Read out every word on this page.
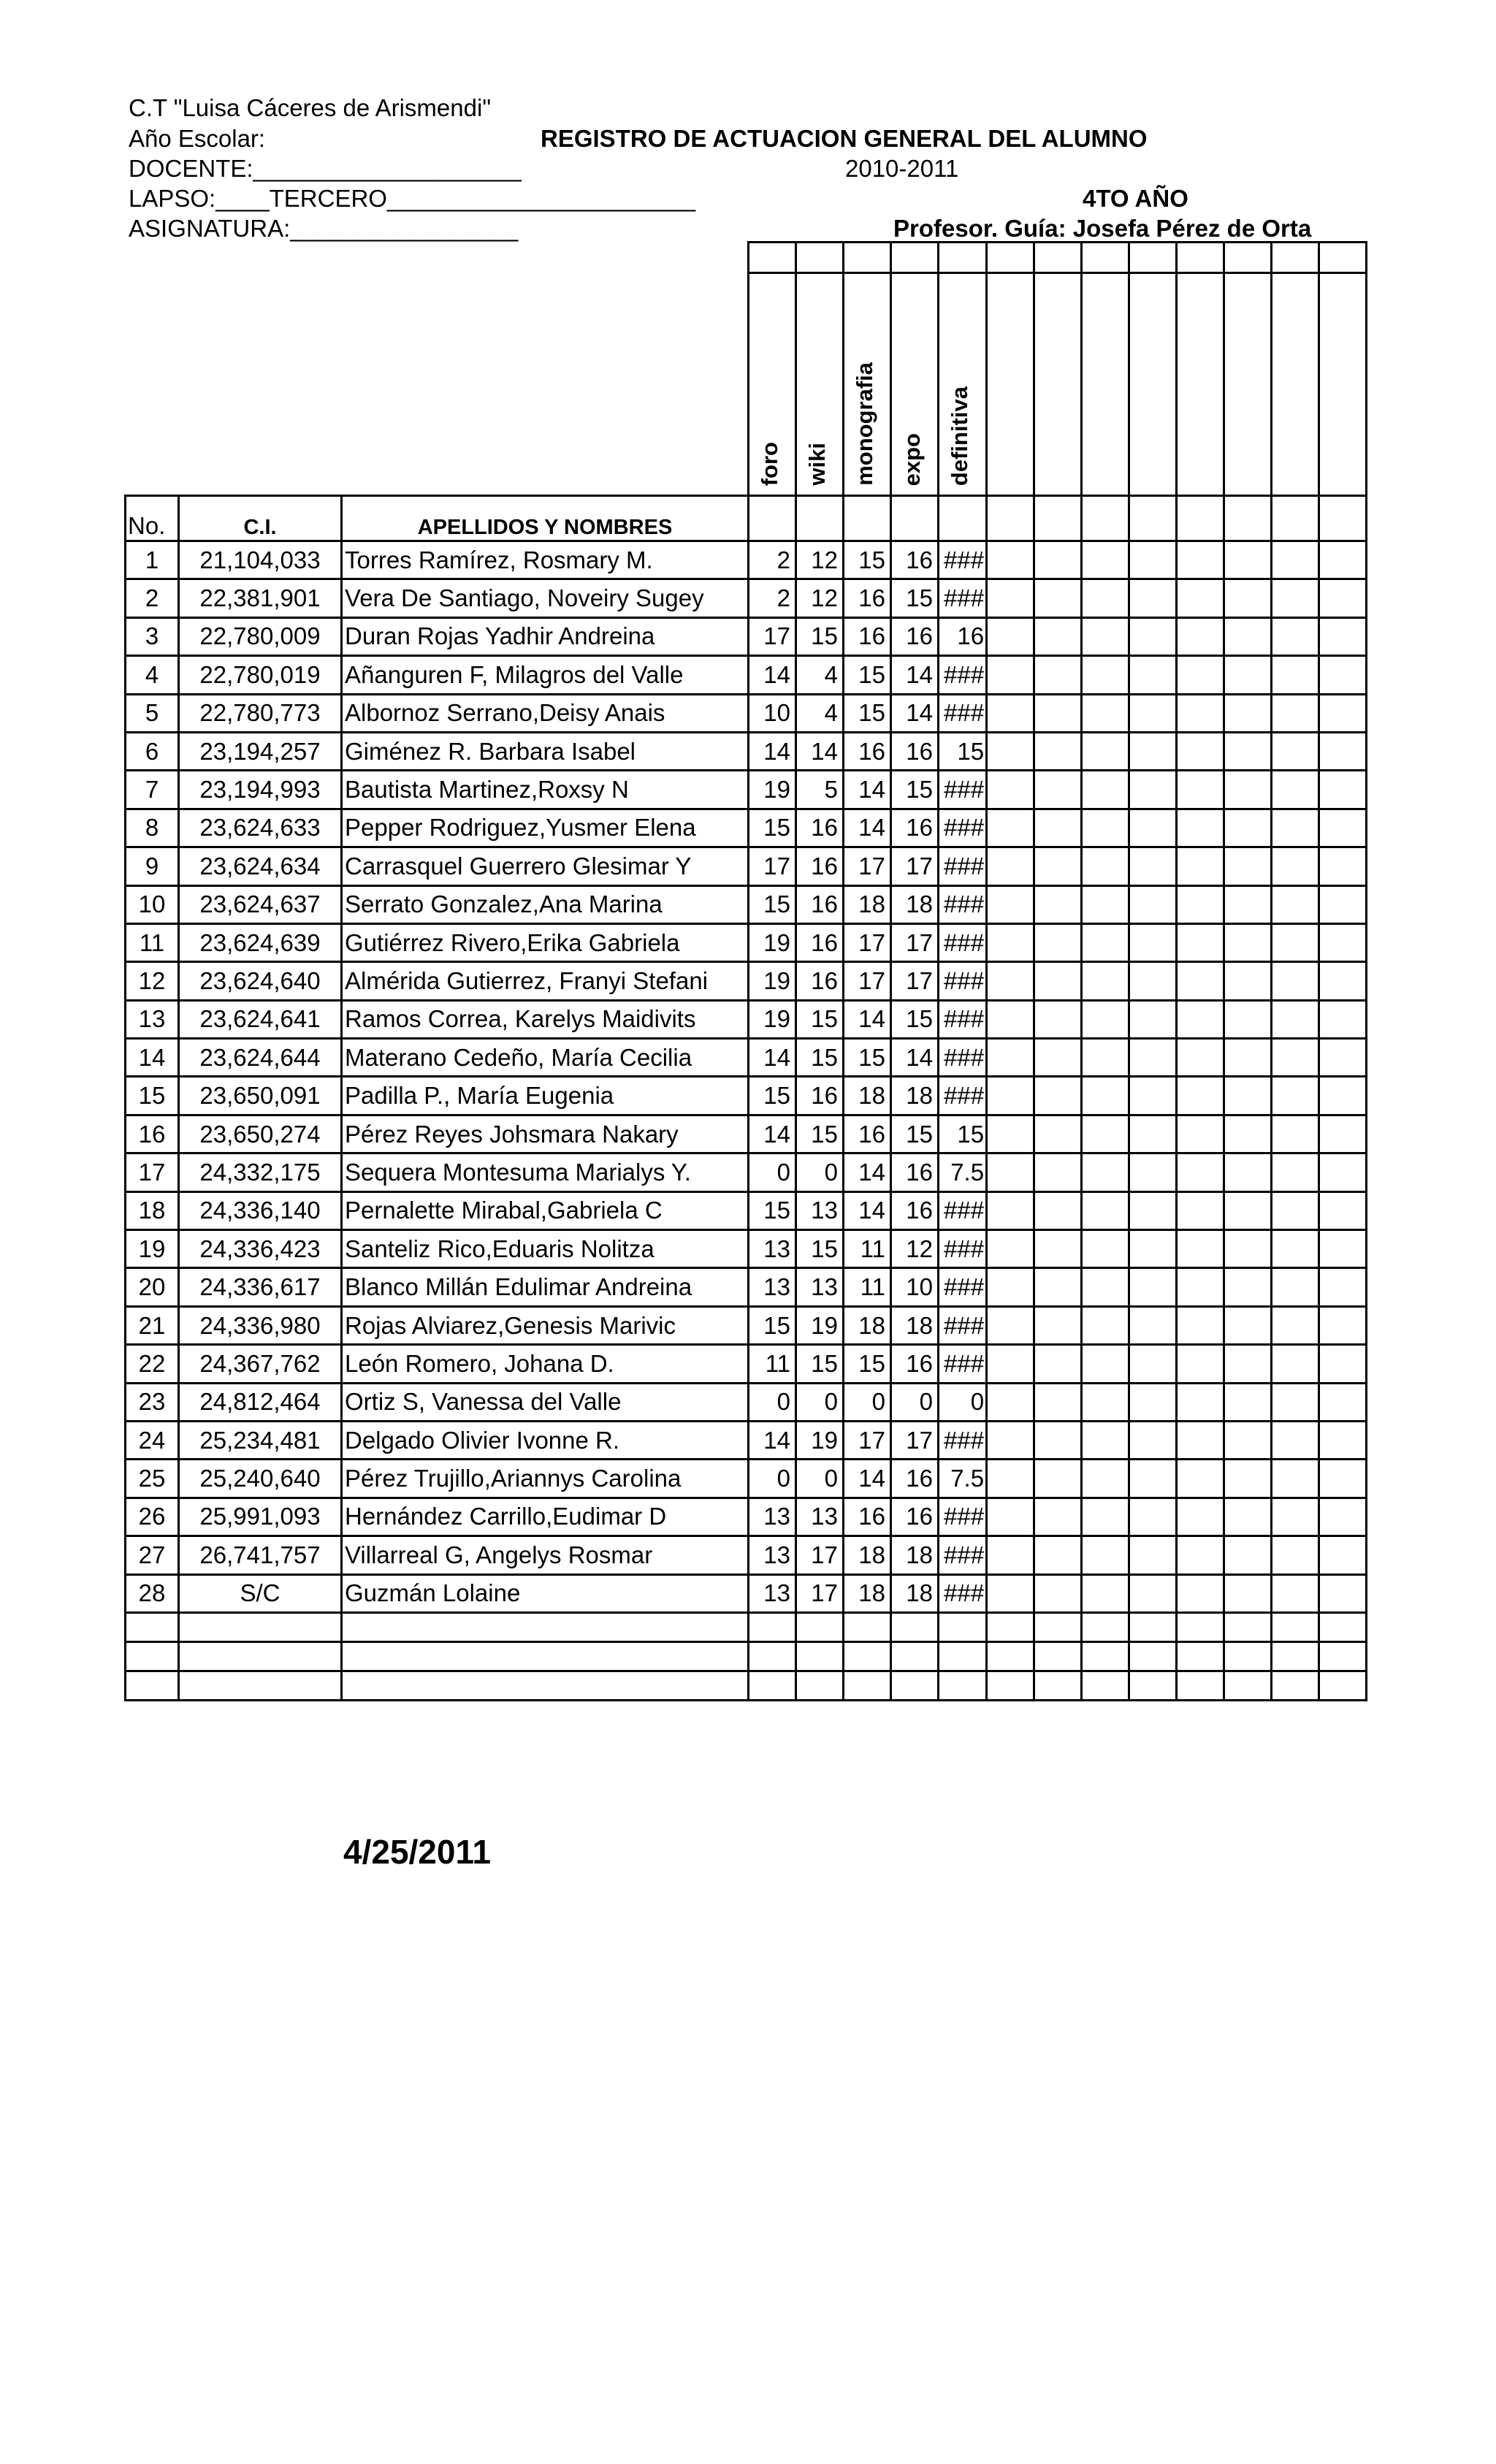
C.T "Luisa Cáceres de Arismendi"
Año Escolar:	REGISTRO DE ACTUACION GENERAL DEL ALUMNO
DOCENTE:____________________	2010-2011
LAPSO:____TERCERO_______________________	4TO AÑO
ASIGNATURA:_________________	Profesor. Guía: Josefa Pérez de Orta

			foro	wiki	monografia	expo	definitiva								
No.	C.I.	APELLIDOS Y NOMBRES													
1	21,104,033	Torres Ramírez, Rosmary M.	2	12	15	16	###								
2	22,381,901	Vera De Santiago, Noveiry Sugey	2	12	16	15	###								
3	22,780,009	Duran Rojas Yadhir Andreina	17	15	16	16	16								
4	22,780,019	Añanguren F, Milagros del Valle	14	4	15	14	###								
5	22,780,773	Albornoz Serrano,Deisy Anais	10	4	15	14	###								
6	23,194,257	Giménez R. Barbara Isabel	14	14	16	16	15								
7	23,194,993	Bautista Martinez,Roxsy N	19	5	14	15	###								
8	23,624,633	Pepper Rodriguez,Yusmer Elena	15	16	14	16	###								
9	23,624,634	Carrasquel Guerrero Glesimar Y	17	16	17	17	###								
10	23,624,637	Serrato Gonzalez,Ana Marina	15	16	18	18	###								
11	23,624,639	Gutiérrez Rivero,Erika Gabriela	19	16	17	17	###								
12	23,624,640	Almérida Gutierrez, Franyi Stefani	19	16	17	17	###								
13	23,624,641	Ramos Correa, Karelys Maidivits	19	15	14	15	###								
14	23,624,644	Materano Cedeño, María Cecilia	14	15	15	14	###								
15	23,650,091	Padilla P., María Eugenia	15	16	18	18	###								
16	23,650,274	Pérez Reyes Johsmara Nakary	14	15	16	15	15								
17	24,332,175	Sequera Montesuma Marialys Y.	0	0	14	16	7.5								
18	24,336,140	Pernalette Mirabal,Gabriela C	15	13	14	16	###								
19	24,336,423	Santeliz Rico,Eduaris Nolitza	13	15	11	12	###								
20	24,336,617	Blanco Millán Edulimar Andreina	13	13	11	10	###								
21	24,336,980	Rojas Alviarez,Genesis Marivic	15	19	18	18	###								
22	24,367,762	León Romero, Johana D.	11	15	15	16	###								
23	24,812,464	Ortiz S, Vanessa del Valle	0	0	0	0	0								
24	25,234,481	Delgado Olivier Ivonne R.	14	19	17	17	###								
25	25,240,640	Pérez Trujillo,Ariannys Carolina	0	0	14	16	7.5								
26	25,991,093	Hernández Carrillo,Eudimar D	13	13	16	16	###								
27	26,741,757	Villarreal G, Angelys Rosmar	13	17	18	18	###								
28	S/C	Guzmán Lolaine	13	17	18	18	###								

4/25/2011
